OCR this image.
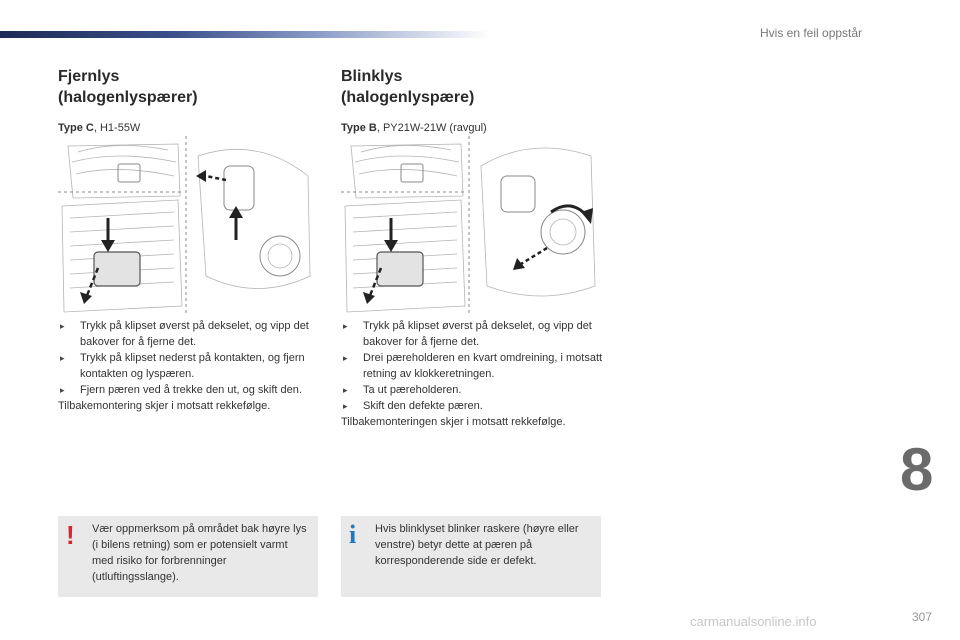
Hvis en feil oppstår
Fjernlys
(halogenlyspærer)
Type C, H1-55W
▸ Trykk på klipset øverst på dekselet, og vipp det bakover for å fjerne det.
▸ Trykk på klipset nederst på kontakten, og fjern kontakten og lyspæren.
▸ Fjern pæren ved å trekke den ut, og skift den.

Tilbakemontering skjer i motsatt rekkefølge.

! Vær oppmerksom på området bak høyre lys (i bilens retning) som er potensielt varmt med risiko for forbrenninger (utluftingsslange).
Blinklys
(halogenlyspære)
Type B, PY21W-21W (ravgul)
▸ Trykk på klipset øverst på dekselet, og vipp det bakover for å fjerne det.
▸ Drei pæreholderen en kvart omdreining, i motsatt retning av klokkeretningen.
▸ Ta ut pæreholderen.
▸ Skift den defekte pæren.

Tilbakemonteringen skjer i motsatt rekkefølge.

i Hvis blinklyset blinker raskere (høyre eller venstre) betyr dette at pæren på korresponderende side er defekt.
8
carmanualsonline.info	307
